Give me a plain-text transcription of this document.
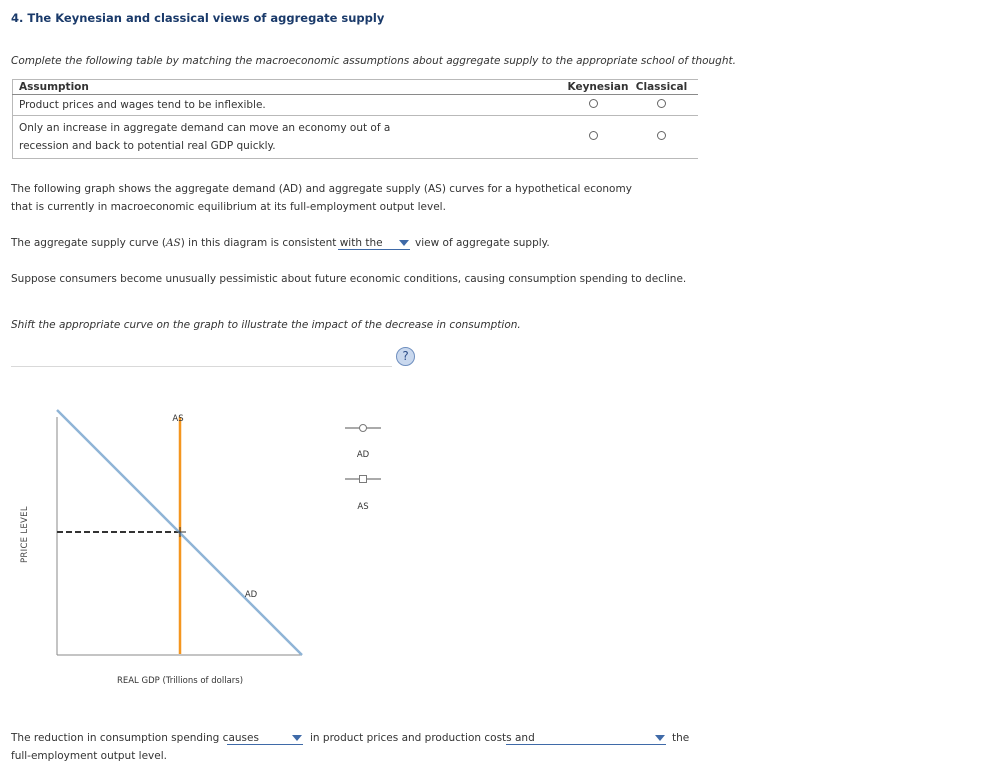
4. The Keynesian and classical views of aggregate supply
Complete the following table by matching the macroeconomic assumptions about aggregate supply to the appropriate school of thought.
Assumption	Keynesian	Classical
Product prices and wages tend to be inflexible.		
Only an increase in aggregate demand can move an economy out of a recession and back to potential real GDP quickly.		
The following graph shows the aggregate demand (AD) and aggregate supply (AS) curves for a hypothetical economy that is currently in macroeconomic equilibrium at its full-employment output level.
The aggregate supply curve (AS) in this diagram is consistent with the	view of aggregate supply.
Suppose consumers become unusually pessimistic about future economic conditions, causing consumption spending to decline.
Shift the appropriate curve on the graph to illustrate the impact of the decrease in consumption.
?
PRICE LEVEL
AS
AD
REAL GDP (Trillions of dollars)
AD
AS
The reduction in consumption spending causes	in product prices and production costs and	the
full-employment output level.
